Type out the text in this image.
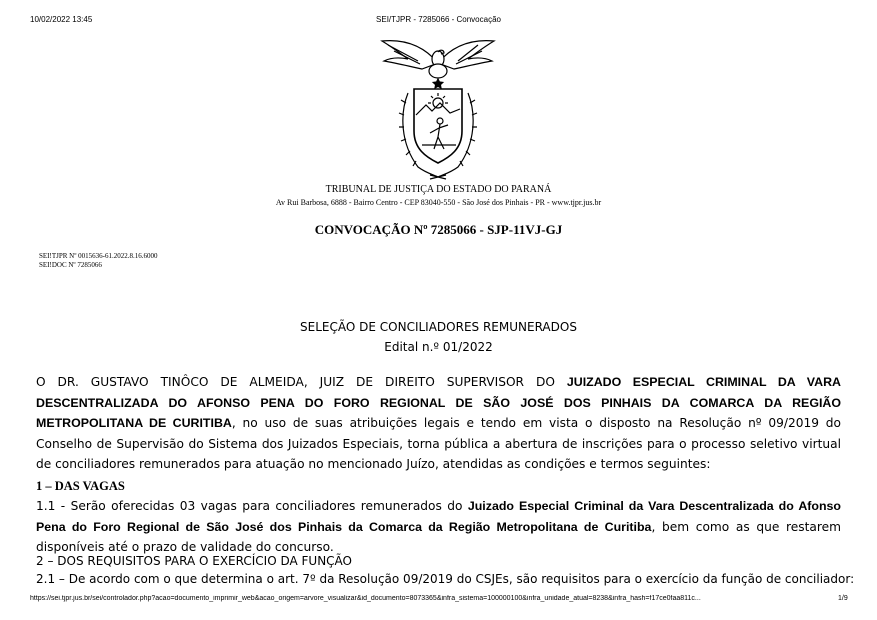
10/02/2022 13:45	SEI/TJPR - 7285066 - Convocação
TRIBUNAL DE JUSTIÇA DO ESTADO DO PARANÁ
Av Rui Barbosa, 6888 - Bairro Centro - CEP 83040-550 - São José dos Pinhais - PR - www.tjpr.jus.br
CONVOCAÇÃO Nº 7285066 - SJP-11VJ-GJ
SEI!TJPR Nº 0015636-61.2022.8.16.6000
SEI!DOC Nº 7285066
SELEÇÃO DE CONCILIADORES REMUNERADOS
Edital n.º 01/2022
O DR. GUSTAVO TINÔCO DE ALMEIDA, JUIZ DE DIREITO SUPERVISOR DO JUIZADO ESPECIAL CRIMINAL DA VARA DESCENTRALIZADA DO AFONSO PENA DO FORO REGIONAL DE SÃO JOSÉ DOS PINHAIS DA COMARCA DA REGIÃO METROPOLITANA DE CURITIBA, no uso de suas atribuições legais e tendo em vista o disposto na Resolução nº 09/2019 do Conselho de Supervisão do Sistema dos Juizados Especiais, torna pública a abertura de inscrições para o processo seletivo virtual de conciliadores remunerados para atuação no mencionado Juízo, atendidas as condições e termos seguintes:
1 – DAS VAGAS
1.1 - Serão oferecidas 03 vagas para conciliadores remunerados do Juizado Especial Criminal da Vara Descentralizada do Afonso Pena do Foro Regional de São José dos Pinhais da Comarca da Região Metropolitana de Curitiba, bem como as que restarem disponíveis até o prazo de validade do concurso.
2 – DOS REQUISITOS PARA O EXERCÍCIO DA FUNÇÃO
2.1 – De acordo com o que determina o art. 7º da Resolução 09/2019 do CSJEs, são requisitos para o exercício da função de conciliador:
https://sei.tjpr.jus.br/sei/controlador.php?acao=documento_imprimir_web&acao_origem=arvore_visualizar&id_documento=8073365&infra_sistema=100000100&infra_unidade_atual=8238&infra_hash=f17ce0faa811c...	1/9
